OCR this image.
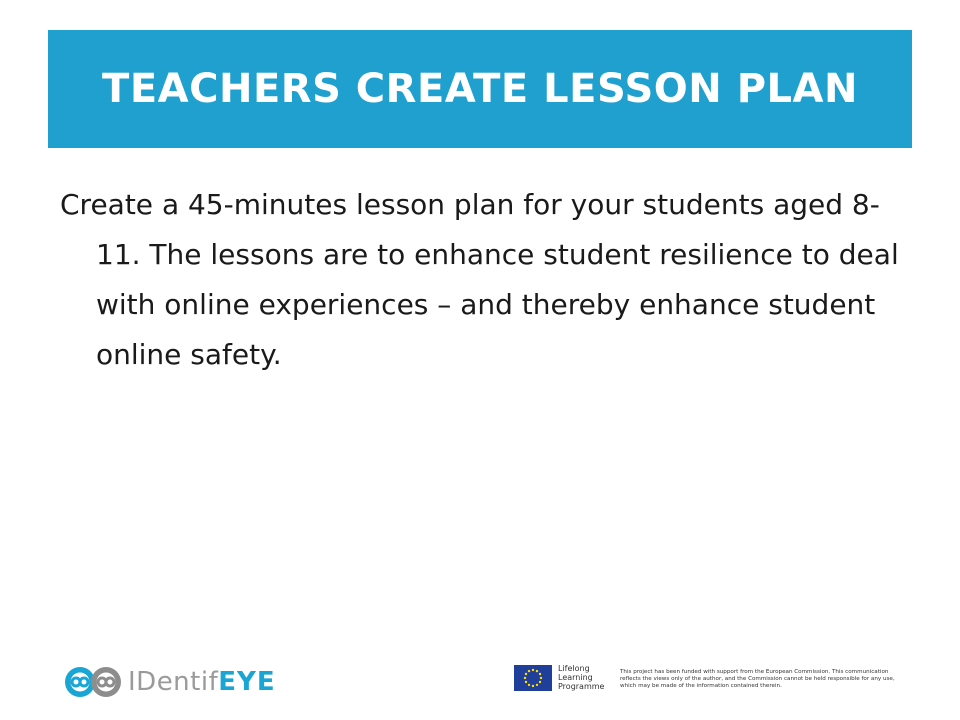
TEACHERS CREATE LESSON PLAN
Create a 45-minutes lesson plan for your students aged 8-11. The lessons are to enhance student resilience to deal with online experiences – and thereby enhance student online safety.
IDentifEYE	Lifelong
Learning
Programme
This project has been funded with support from the European Commission. This communication reflects the views only of the author, and the Commission cannot be held responsible for any use, which may be made of the information contained therein.
